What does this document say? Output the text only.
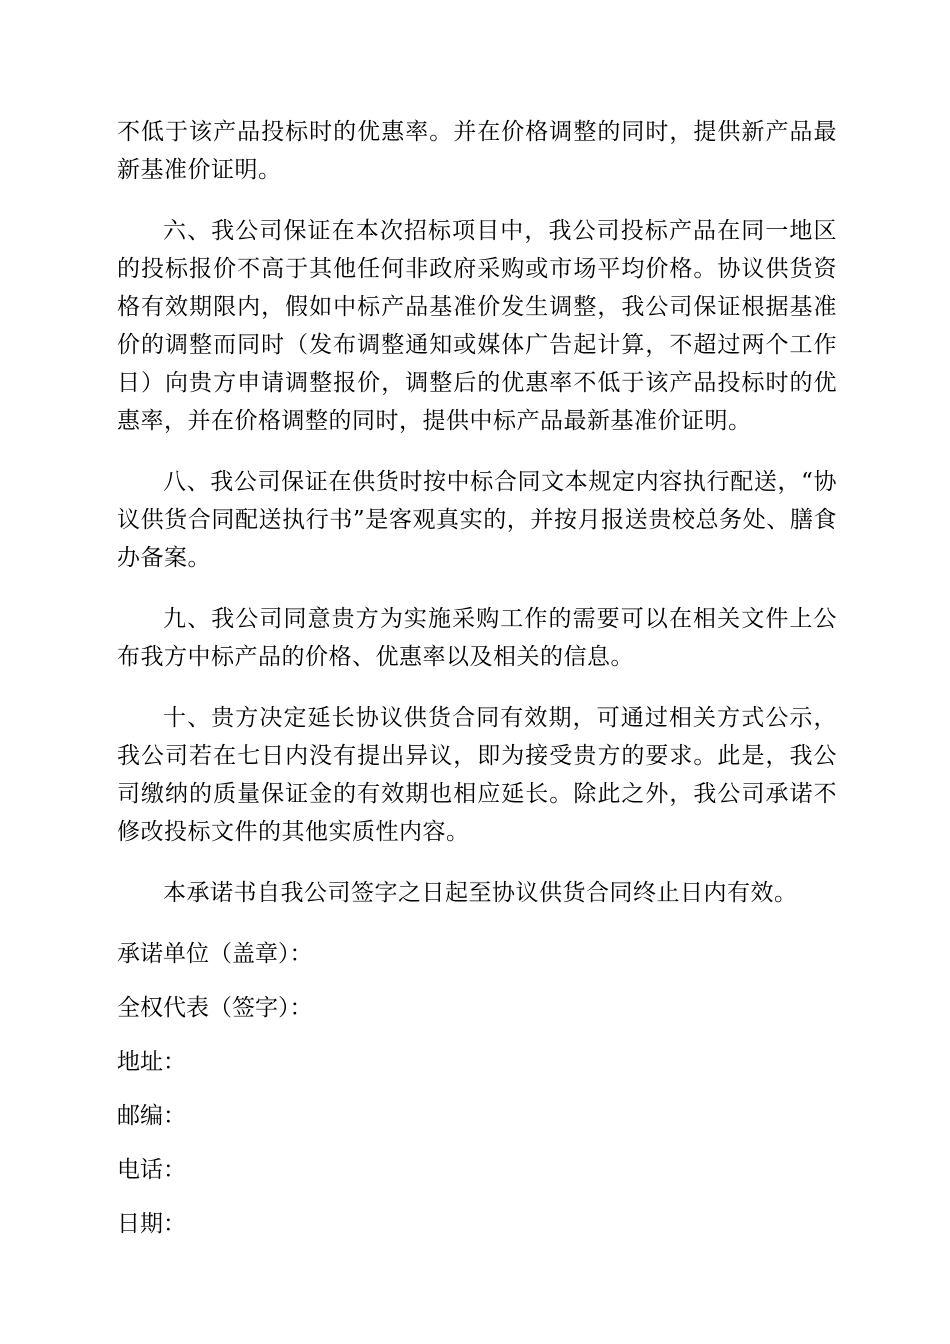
不低于该产品投标时的优惠率。并在价格调整的同时，提供新产品最新基准价证明。

六、我公司保证在本次招标项目中，我公司投标产品在同一地区的投标报价不高于其他任何非政府采购或市场平均价格。协议供货资格有效期限内，假如中标产品基准价发生调整，我公司保证根据基准价的调整而同时（发布调整通知或媒体广告起计算，不超过两个工作日）向贵方申请调整报价，调整后的优惠率不低于该产品投标时的优惠率，并在价格调整的同时，提供中标产品最新基准价证明。

八、我公司保证在供货时按中标合同文本规定内容执行配送，“协议供货合同配送执行书”是客观真实的，并按月报送贵校总务处、膳食办备案。

九、我公司同意贵方为实施采购工作的需要可以在相关文件上公布我方中标产品的价格、优惠率以及相关的信息。

十、贵方决定延长协议供货合同有效期，可通过相关方式公示，我公司若在七日内没有提出异议，即为接受贵方的要求。此是，我公司缴纳的质量保证金的有效期也相应延长。除此之外，我公司承诺不修改投标文件的其他实质性内容。

本承诺书自我公司签字之日起至协议供货合同终止日内有效。

承诺单位（盖章）：
全权代表（签字）：
地址：
邮编：
电话：
日期：
